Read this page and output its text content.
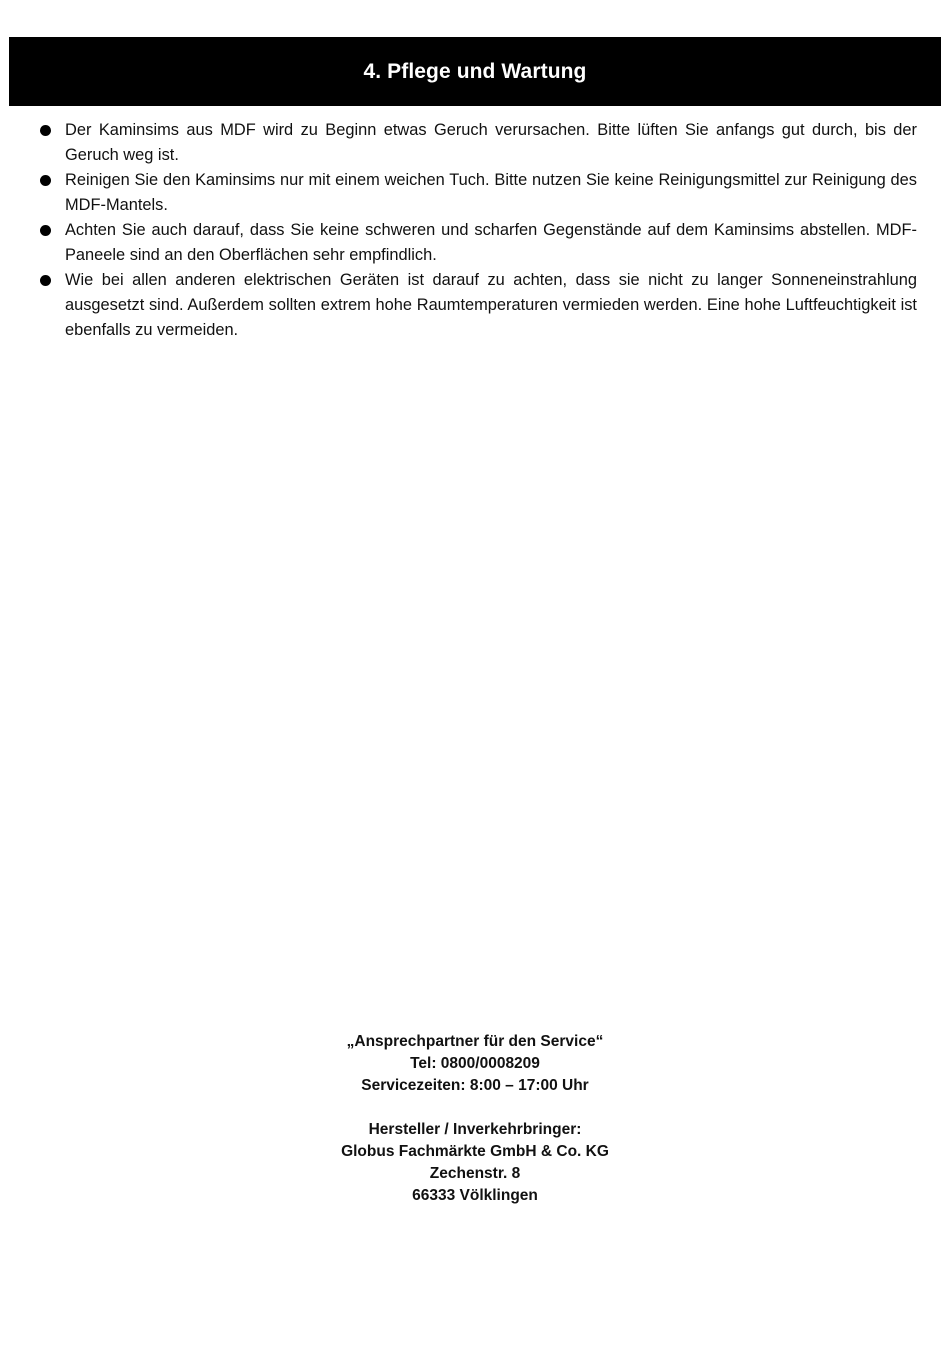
4. Pflege und Wartung
Der Kaminsims aus MDF wird zu Beginn etwas Geruch verursachen. Bitte lüften Sie anfangs gut durch, bis der Geruch weg ist.
Reinigen Sie den Kaminsims nur mit einem weichen Tuch. Bitte nutzen Sie keine Reinigungsmittel zur Reinigung des MDF-Mantels.
Achten Sie auch darauf, dass Sie keine schweren und scharfen Gegenstände auf dem Kaminsims abstellen. MDF-Paneele sind an den Oberflächen sehr empfindlich.
Wie bei allen anderen elektrischen Geräten ist darauf zu achten, dass sie nicht zu langer Sonneneinstrahlung ausgesetzt sind. Außerdem sollten extrem hohe Raumtemperaturen vermieden werden. Eine hohe Luftfeuchtigkeit ist ebenfalls zu vermeiden.
„Ansprechpartner für den Service“
Tel: 0800/0008209
Servicezeiten: 8:00 – 17:00 Uhr
Hersteller / Inverkehrbringer:
Globus Fachmärkte GmbH & Co. KG
Zechenstr. 8
66333 Völklingen
